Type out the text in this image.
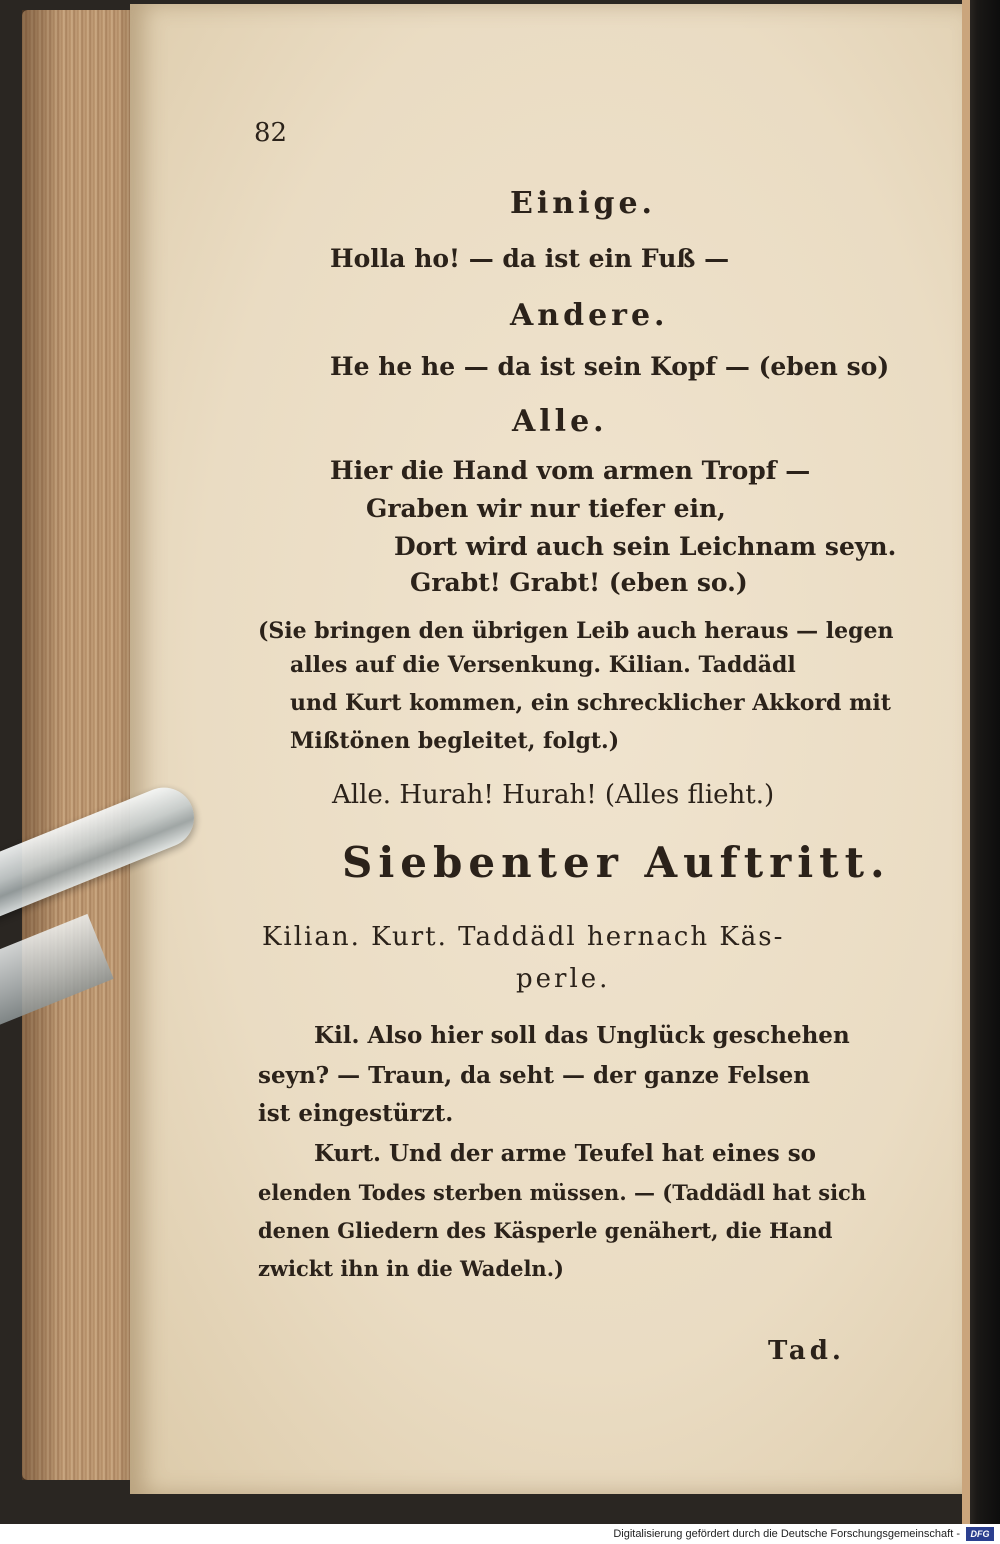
82

Einige.

Holla ho! — da ist ein Fuß —

Andere.

He he he — da ist sein Kopf — (eben so)

Alle.

Hier die Hand vom armen Tropf —

Graben wir nur tiefer ein,

Dort wird auch sein Leichnam seyn.

Grabt! Grabt! (eben so.)

(Sie bringen den übrigen Leib auch heraus — legen

alles auf die Versenkung. Kilian. Taddädl

und Kurt kommen, ein schrecklicher Akkord mit

Mißtönen begleitet, folgt.)

Alle. Hurah! Hurah! (Alles flieht.)

Siebenter Auftritt.

Kilian. Kurt. Taddädl hernach Käs-

perle.

Kil. Also hier soll das Unglück geschehen

seyn? — Traun, da seht — der ganze Felsen

ist eingestürzt.

Kurt. Und der arme Teufel hat eines so

elenden Todes sterben müssen. — (Taddädl hat sich

denen Gliedern des Käsperle genähert, die Hand

zwickt ihn in die Wadeln.)

Tad.

Digitalisierung gefördert durch die Deutsche Forschungsgemeinschaft -	DFG
